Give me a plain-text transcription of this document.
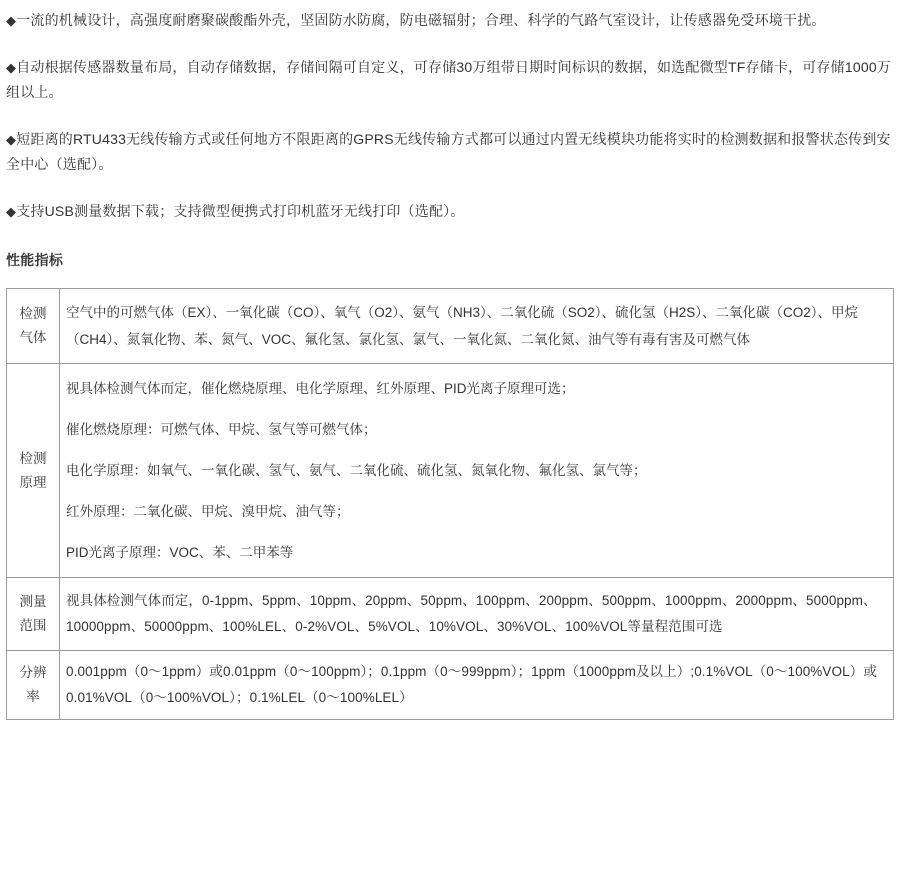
◆一流的机械设计，高强度耐磨聚碳酸酯外壳，坚固防水防腐，防电磁辐射；合理、科学的气路气室设计，让传感器免受环境干扰。

◆自动根据传感器数量布局，自动存储数据，存储间隔可自定义，可存储30万组带日期时间标识的数据，如选配微型TF存储卡，可存储1000万组以上。

◆短距离的RTU433无线传输方式或任何地方不限距离的GPRS无线传输方式都可以通过内置无线模块功能将实时的检测数据和报警状态传到安全中心（选配）。

◆支持USB测量数据下载；支持微型便携式打印机蓝牙无线打印（选配）。

性能指标
检测气体	空气中的可燃气体（EX）、一氧化碳（CO）、氧气（O2）、氨气（NH3）、二氧化硫（SO2）、硫化氢（H2S）、二氧化碳（CO2）、甲烷（CH4）、氮氧化物、苯、氮气、VOC、氟化氢、氯化氢、氯气、一氧化氮、二氧化氮、油气等有毒有害及可燃气体
检测原理	视具体检测气体而定，催化燃烧原理、电化学原理、红外原理、PID光离子原理可选；

催化燃烧原理：可燃气体、甲烷、氢气等可燃气体；

电化学原理：如氧气、一氧化碳、氢气、氨气、二氧化硫、硫化氢、氮氧化物、氟化氢、氯气等；

红外原理：二氧化碳、甲烷、溴甲烷、油气等；

PID光离子原理：VOC、苯、二甲苯等

测量范围	视具体检测气体而定，0-1ppm、5ppm、10ppm、20ppm、50ppm、100ppm、200ppm、500ppm、1000ppm、2000ppm、5000ppm、10000ppm、50000ppm、100%LEL、0-2%VOL、5%VOL、10%VOL、30%VOL、100%VOL等量程范围可选
分辨率	0.001ppm（0～1ppm）或0.01ppm（0～100ppm）；0.1ppm（0～999ppm）；1ppm（1000ppm及以上）;0.1%VOL（0～100%VOL）或0.01%VOL（0～100%VOL）；0.1%LEL（0～100%LEL）
